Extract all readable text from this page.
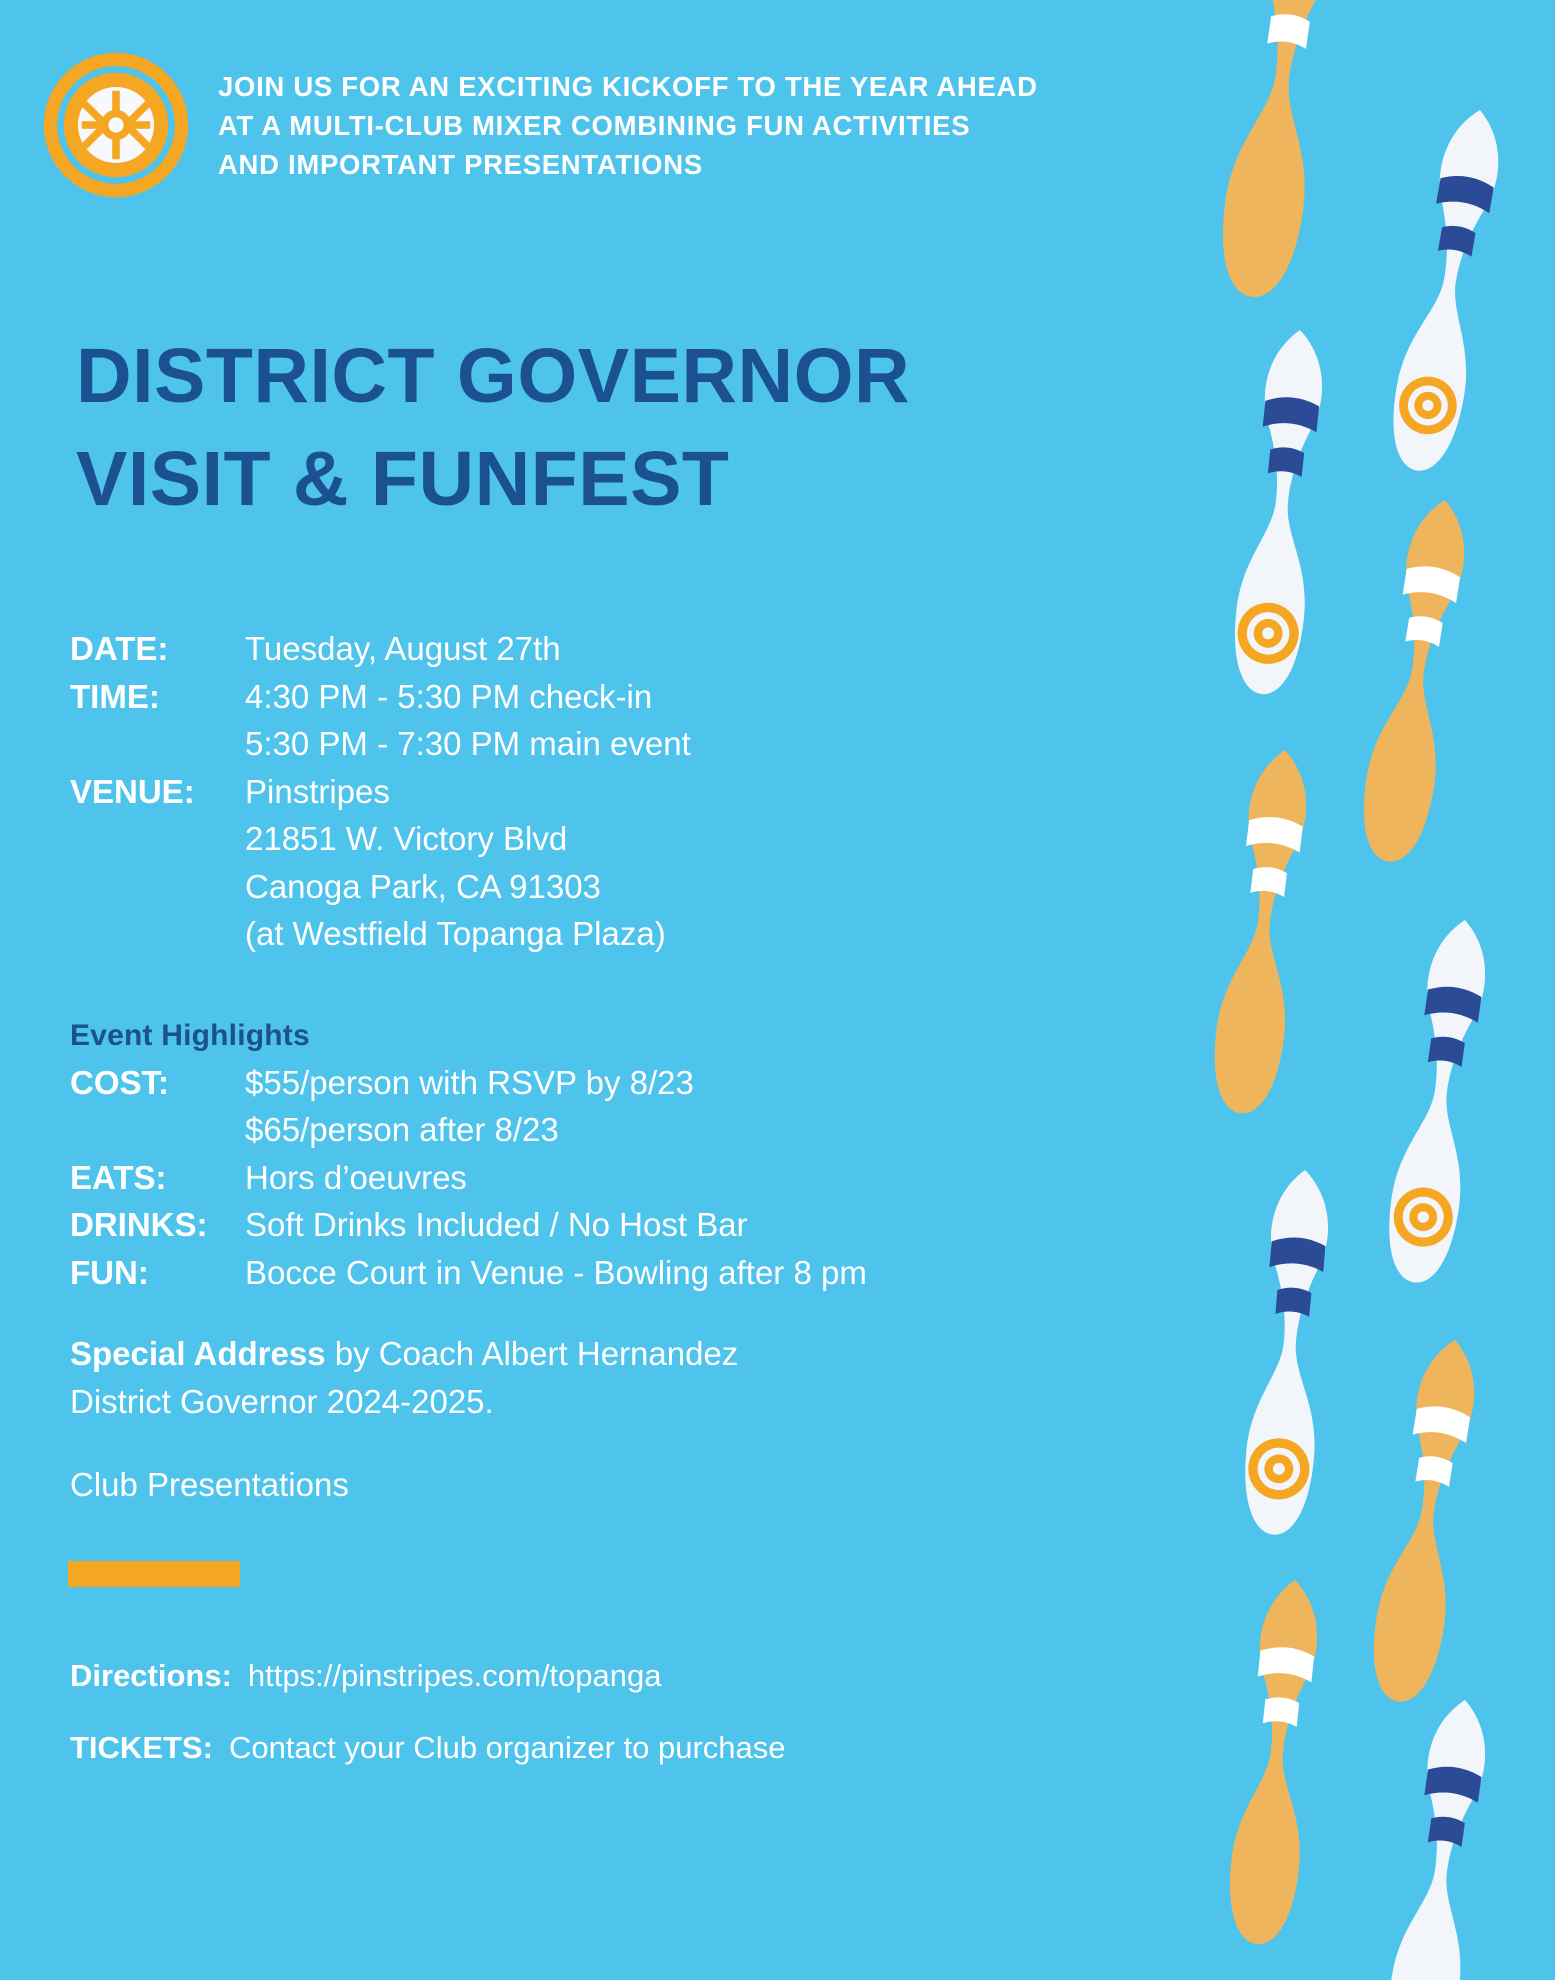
JOIN US FOR AN EXCITING KICKOFF TO THE YEAR AHEAD
AT A MULTI-CLUB MIXER COMBINING FUN ACTIVITIES
AND IMPORTANT PRESENTATIONS
DISTRICT GOVERNOR
VISIT & FUNFEST
DATE:	Tuesday, August 27th
TIME:	4:30 PM - 5:30 PM check-in
5:30 PM - 7:30 PM main event
VENUE:	Pinstripes
21851 W. Victory Blvd
Canoga Park, CA 91303
(at Westfield Topanga Plaza)
Event Highlights
COST:	$55/person with RSVP by 8/23
$65/person after 8/23
EATS:	Hors d’oeuvres
DRINKS:	Soft Drinks Included / No Host Bar
FUN:	Bocce Court in Venue - Bowling after 8 pm
Special Address by Coach Albert Hernandez
District Governor 2024-2025.
Club Presentations
Directions: https://pinstripes.com/topanga
TICKETS: Contact your Club organizer to purchase
